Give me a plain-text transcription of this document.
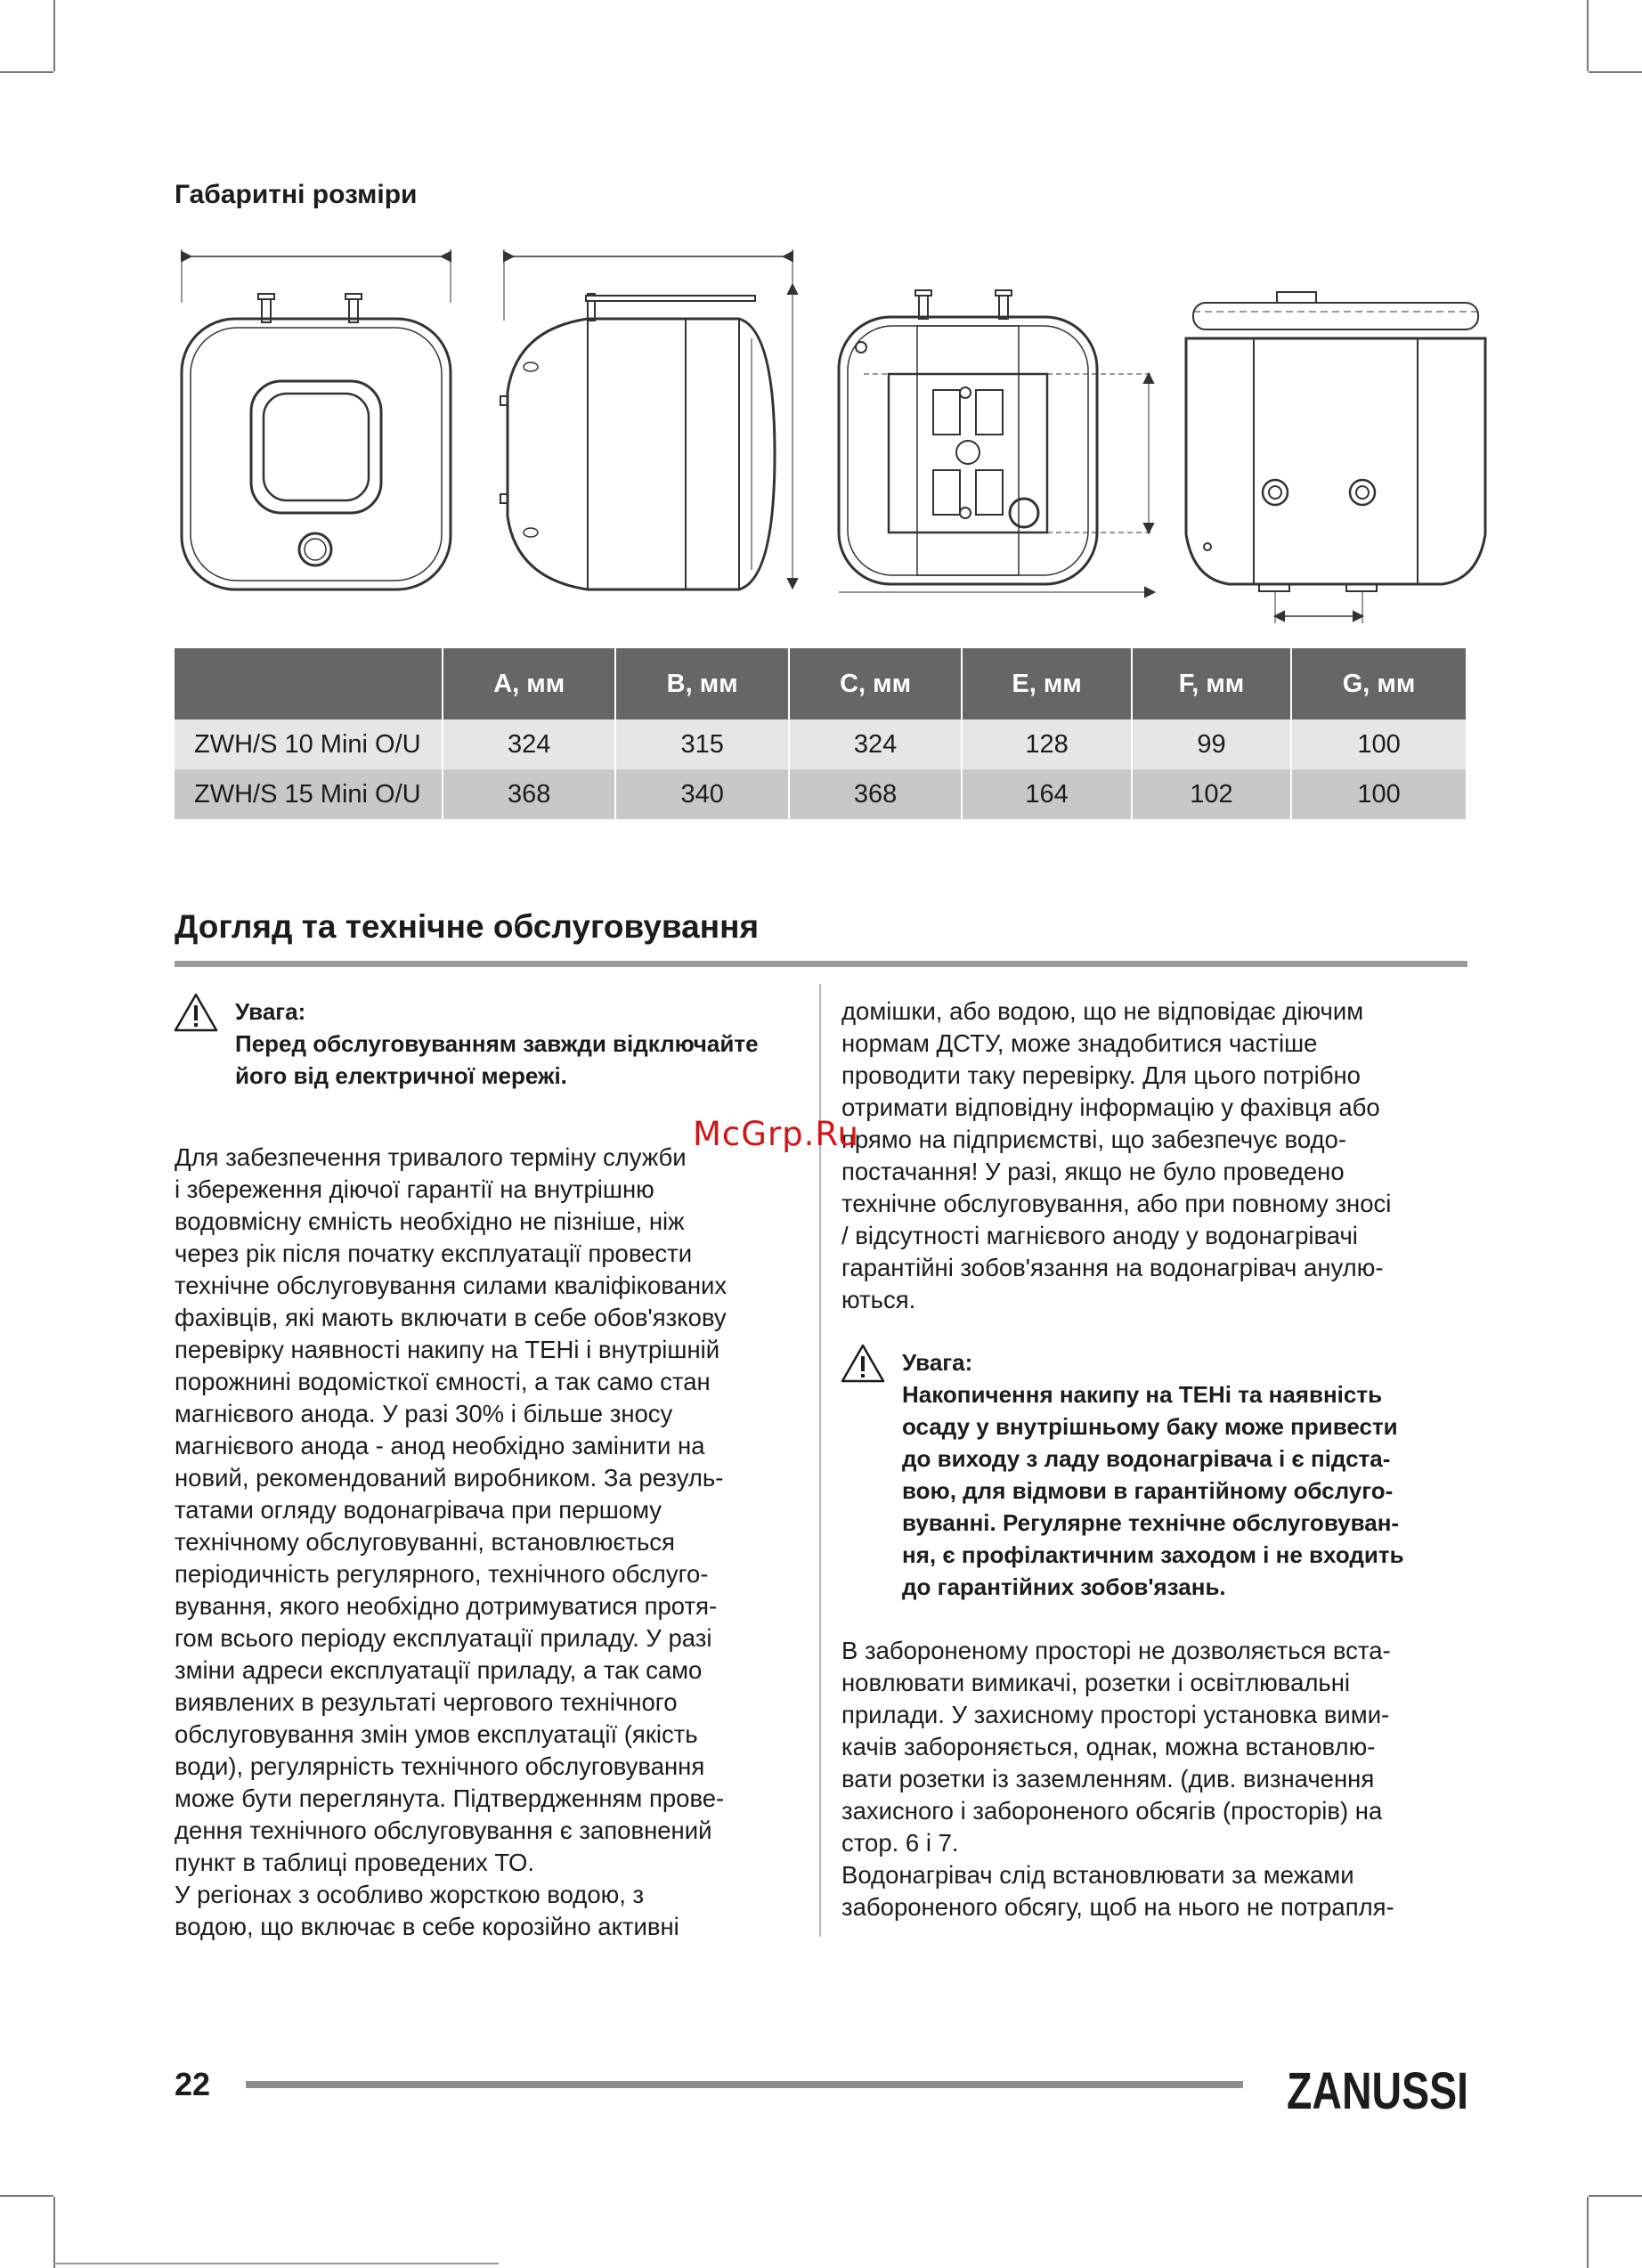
Габаритні розміри
	A, мм	B, мм	C, мм	E, мм	F, мм	G, мм
ZWH/S 10 Mini O/U	324	315	324	128	99	100
ZWH/S 15 Mini O/U	368	340	368	164	102	100
Догляд та технічне обслуговування
Увага:
Перед обслуговуванням завжди відключайте
його від електричної мережі.

Для забезпечення тривалого терміну служби
і збереження діючої гарантії на внутрішню
водовмісну ємність необхідно не пізніше, ніж
через рік після початку експлуатації провести
технічне обслуговування силами кваліфікованих
фахівців, які мають включати в себе обов'язкову
перевірку наявності накипу на ТЕНі і внутрішній
порожнині водомісткої ємності, а так само стан
магнієвого анода. У разі 30% і більше зносу
магнієвого анода - анод необхідно замінити на
новий, рекомендований виробником. За резуль-
татами огляду водонагрівача при першому
технічному обслуговуванні, встановлюється
періодичність регулярного, технічного обслуго-
вування, якого необхідно дотримуватися протя-
гом всього періоду експлуатації приладу. У разі
зміни адреси експлуатації приладу, а так само
виявлених в результаті чергового технічного
обслуговування змін умов експлуатації (якість
води), регулярність технічного обслуговування
може бути переглянута. Підтвердженням прове-
дення технічного обслуговування є заповнений
пункт в таблиці проведених ТО.
У регіонах з особливо жорсткою водою, з
водою, що включає в себе корозійно активні

домішки, або водою, що не відповідає діючим
нормам ДСТУ, може знадобитися частіше
проводити таку перевірку. Для цього потрібно
отримати відповідну інформацію у фахівця або
прямо на підприємстві, що забезпечує водо-
постачання! У разі, якщо не було проведено
технічне обслуговування, або при повному зносі
/ відсутності магнієвого аноду у водонагрівачі
гарантійні зобов'язання на водонагрівач анулю-
ються.

Увага:
Накопичення накипу на ТЕНі та наявність
осаду у внутрішньому баку може привести
до виходу з ладу водонагрівача і є підста-
вою, для відмови в гарантійному обслуго-
вуванні. Регулярне технічне обслуговуван-
ня, є профілактичним заходом і не входить
до гарантійних зобов'язань.

В забороненому просторі не дозволяється вста-
новлювати вимикачі, розетки і освітлювальні
прилади. У захисному просторі установка вими-
качів забороняється, однак, можна встановлю-
вати розетки із заземленням. (див. визначення
захисного і забороненого обсягів (просторів) на
стор. 6 і 7.
Водонагрівач слід встановлювати за межами
забороненого обсягу, щоб на нього не потрапля-

McGrp.Ru
22	ZANUSSI
